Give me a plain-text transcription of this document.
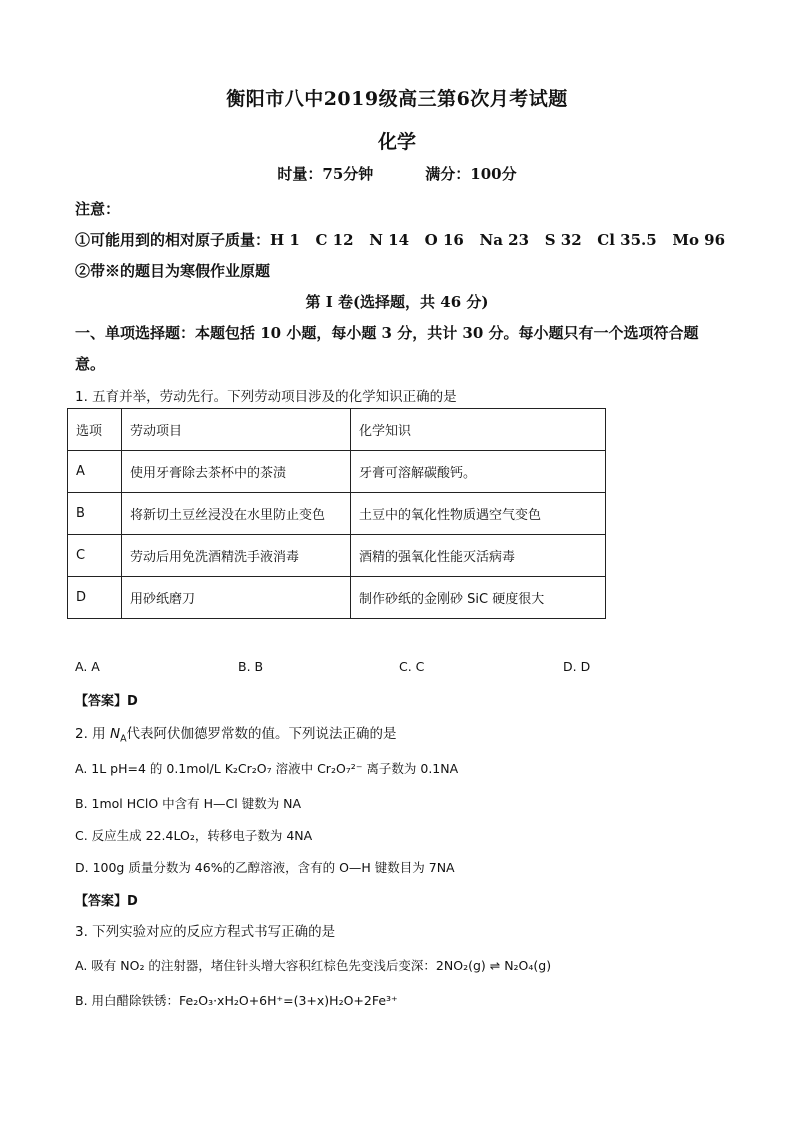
衡阳市八中2019级高三第6次月考试题
化学
时量：75分钟	满分：100分
注意：
①可能用到的相对原子质量：H 1   C 12   N 14   O 16   Na 23   S 32   Cl 35.5   Mo 96
②带※的题目为寒假作业原题
第 I 卷(选择题，共 46 分)
一、单项选择题：本题包括 10 小题，每小题 3 分，共计 30 分。每小题只有一个选项符合题
意。
1. 五育并举，劳动先行。下列劳动项目涉及的化学知识正确的是
选项	劳动项目	化学知识
A	使用牙膏除去茶杯中的茶渍	牙膏可溶解碳酸钙。
B	将新切土豆丝浸没在水里防止变色	土豆中的氧化性物质遇空气变色
C	劳动后用免洗酒精洗手液消毒	酒精的强氧化性能灭活病毒
D	用砂纸磨刀	制作砂纸的金刚砂 SiC 硬度很大
A. A	B. B	C. C	D. D
【答案】D
2. 用 $N_A$代表阿伏伽德罗常数的值。下列说法正确的是
A. 1L pH=4 的 0.1mol/L K₂Cr₂O₇ 溶液中 Cr₂O₇²⁻ 离子数为 0.1NA
B. 1mol HClO 中含有 H—Cl 键数为 NA
C. 反应生成 22.4LO₂，转移电子数为 4NA
D. 100g 质量分数为 46%的乙醇溶液，含有的 O—H 键数目为 7NA
【答案】D
3. 下列实验对应的反应方程式书写正确的是
A. 吸有 NO₂ 的注射器，堵住针头增大容积红棕色先变浅后变深：2NO₂(g) ⇌ N₂O₄(g)
B. 用白醋除铁锈：Fe₂O₃·xH₂O+6H⁺=(3+x)H₂O+2Fe³⁺
